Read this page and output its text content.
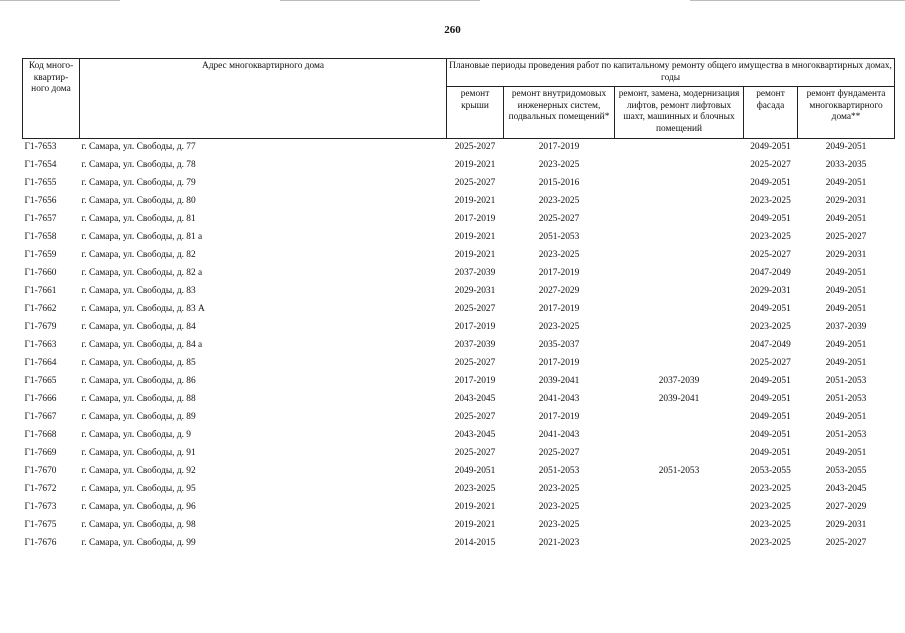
260
Код много-квартир-ного дома	Адрес многоквартирного дома	Плановые периоды проведения работ по капитальному ремонту общего имущества в многоквартирных домах, годы				
		ремонт крыши	ремонт внутридомовых инженерных систем, подвальных помещений*	ремонт, замена, модернизация лифтов, ремонт лифтовых шахт, машинных и блочных помещений	ремонт фасада	ремонт фундамента многоквартирного дома**
Г1-7653	г. Самара, ул. Свободы, д. 77	2025-2027	2017-2019		2049-2051	2049-2051
Г1-7654	г. Самара, ул. Свободы, д. 78	2019-2021	2023-2025		2025-2027	2033-2035
Г1-7655	г. Самара, ул. Свободы, д. 79	2025-2027	2015-2016		2049-2051	2049-2051
Г1-7656	г. Самара, ул. Свободы, д. 80	2019-2021	2023-2025		2023-2025	2029-2031
Г1-7657	г. Самара, ул. Свободы, д. 81	2017-2019	2025-2027		2049-2051	2049-2051
Г1-7658	г. Самара, ул. Свободы, д. 81 а	2019-2021	2051-2053		2023-2025	2025-2027
Г1-7659	г. Самара, ул. Свободы, д. 82	2019-2021	2023-2025		2025-2027	2029-2031
Г1-7660	г. Самара, ул. Свободы, д. 82 а	2037-2039	2017-2019		2047-2049	2049-2051
Г1-7661	г. Самара, ул. Свободы, д. 83	2029-2031	2027-2029		2029-2031	2049-2051
Г1-7662	г. Самара, ул. Свободы, д. 83 А	2025-2027	2017-2019		2049-2051	2049-2051
Г1-7679	г. Самара, ул. Свободы, д. 84	2017-2019	2023-2025		2023-2025	2037-2039
Г1-7663	г. Самара, ул. Свободы, д. 84 а	2037-2039	2035-2037		2047-2049	2049-2051
Г1-7664	г. Самара, ул. Свободы, д. 85	2025-2027	2017-2019		2025-2027	2049-2051
Г1-7665	г. Самара, ул. Свободы, д. 86	2017-2019	2039-2041	2037-2039	2049-2051	2051-2053
Г1-7666	г. Самара, ул. Свободы, д. 88	2043-2045	2041-2043	2039-2041	2049-2051	2051-2053
Г1-7667	г. Самара, ул. Свободы, д. 89	2025-2027	2017-2019		2049-2051	2049-2051
Г1-7668	г. Самара, ул. Свободы, д. 9	2043-2045	2041-2043		2049-2051	2051-2053
Г1-7669	г. Самара, ул. Свободы, д. 91	2025-2027	2025-2027		2049-2051	2049-2051
Г1-7670	г. Самара, ул. Свободы, д. 92	2049-2051	2051-2053	2051-2053	2053-2055	2053-2055
Г1-7672	г. Самара, ул. Свободы, д. 95	2023-2025	2023-2025		2023-2025	2043-2045
Г1-7673	г. Самара, ул. Свободы, д. 96	2019-2021	2023-2025		2023-2025	2027-2029
Г1-7675	г. Самара, ул. Свободы, д. 98	2019-2021	2023-2025		2023-2025	2029-2031
Г1-7676	г. Самара, ул. Свободы, д. 99	2014-2015	2021-2023		2023-2025	2025-2027
